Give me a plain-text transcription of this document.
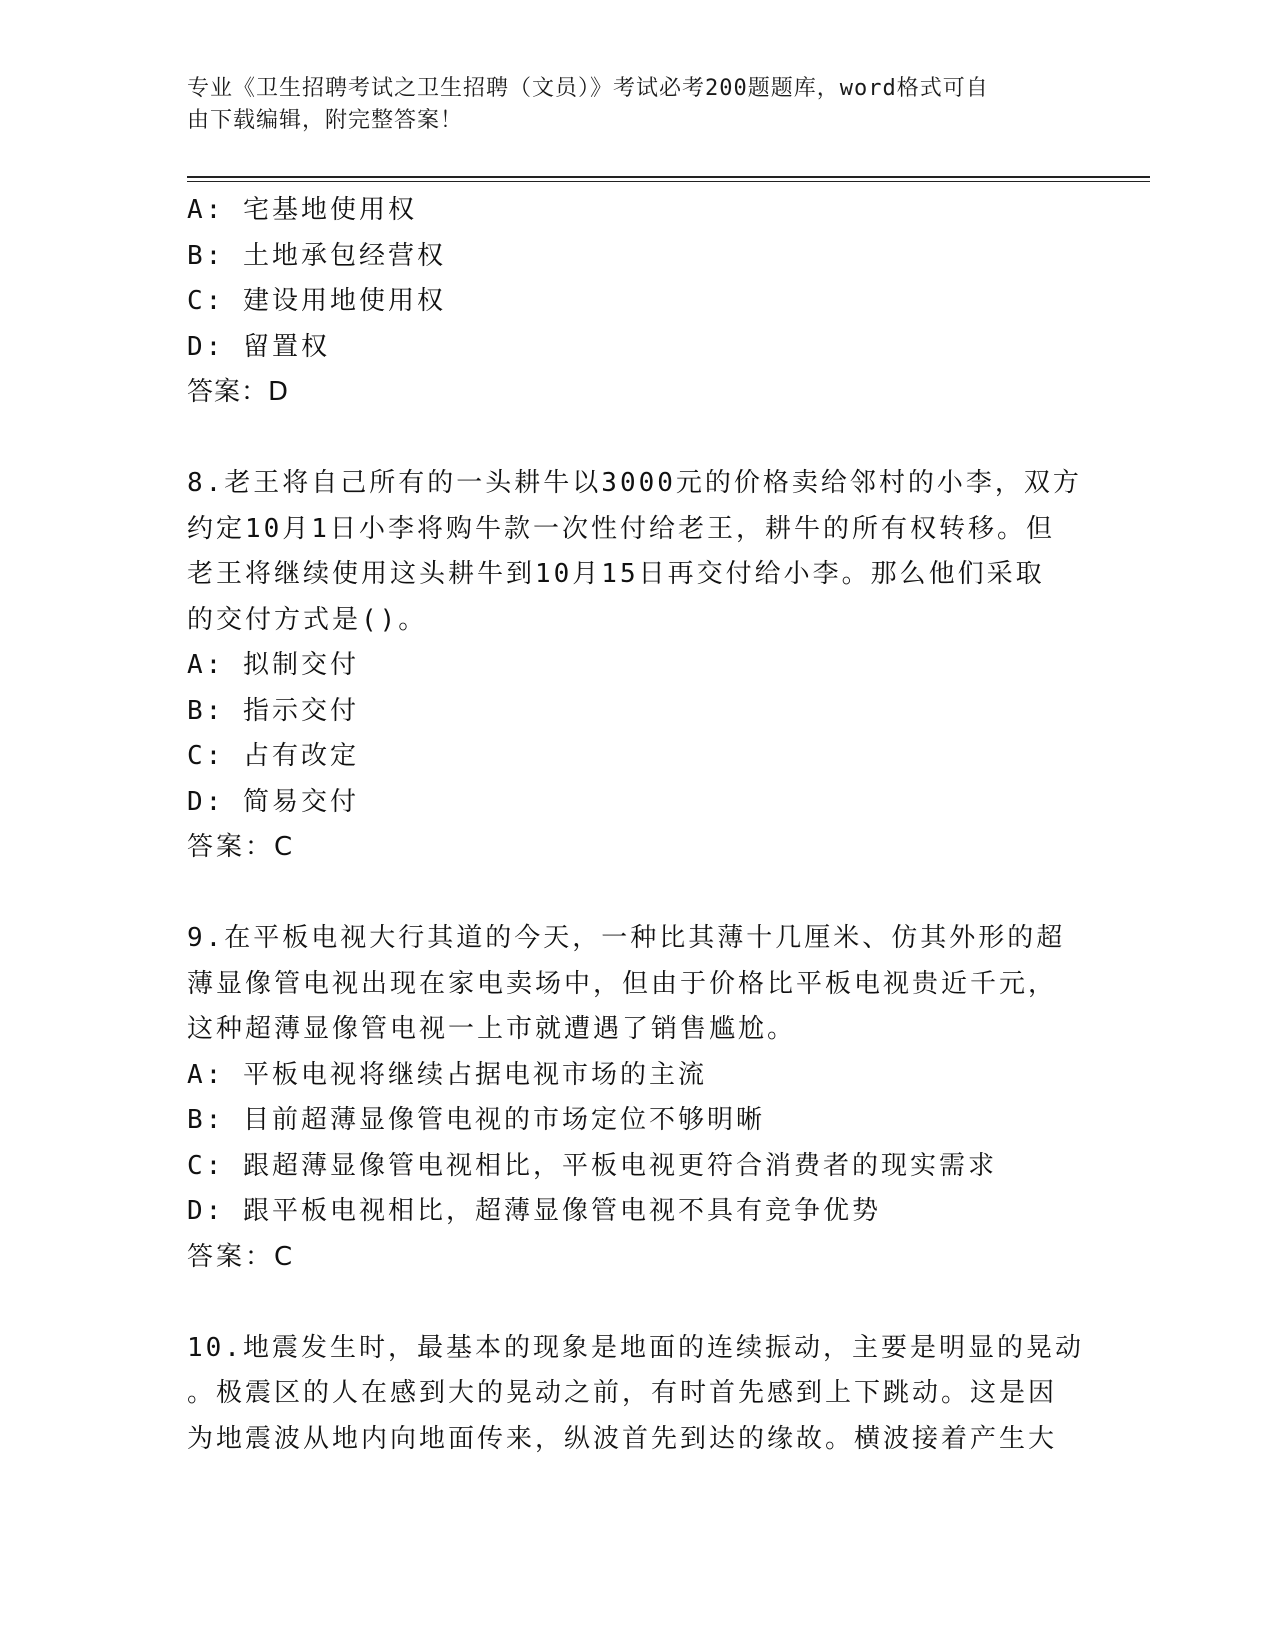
专业《卫生招聘考试之卫生招聘（文员）》考试必考200题题库，word格式可自
由下载编辑，附完整答案！

A: 宅基地使用权

B: 土地承包经营权

C: 建设用地使用权

D: 留置权

答案：D

8.老王将自己所有的一头耕牛以3000元的价格卖给邻村的小李，双方

约定10月1日小李将购牛款一次性付给老王，耕牛的所有权转移。但

老王将继续使用这头耕牛到10月15日再交付给小李。那么他们采取

的交付方式是()。

A: 拟制交付

B: 指示交付

C: 占有改定

D: 简易交付

答案：C

9.在平板电视大行其道的今天，一种比其薄十几厘米、仿其外形的超

薄显像管电视出现在家电卖场中，但由于价格比平板电视贵近千元，

这种超薄显像管电视一上市就遭遇了销售尴尬。

A: 平板电视将继续占据电视市场的主流

B: 目前超薄显像管电视的市场定位不够明晰

C: 跟超薄显像管电视相比，平板电视更符合消费者的现实需求

D: 跟平板电视相比，超薄显像管电视不具有竞争优势

答案：C

10.地震发生时，最基本的现象是地面的连续振动，主要是明显的晃动

。极震区的人在感到大的晃动之前，有时首先感到上下跳动。这是因

为地震波从地内向地面传来，纵波首先到达的缘故。横波接着产生大
